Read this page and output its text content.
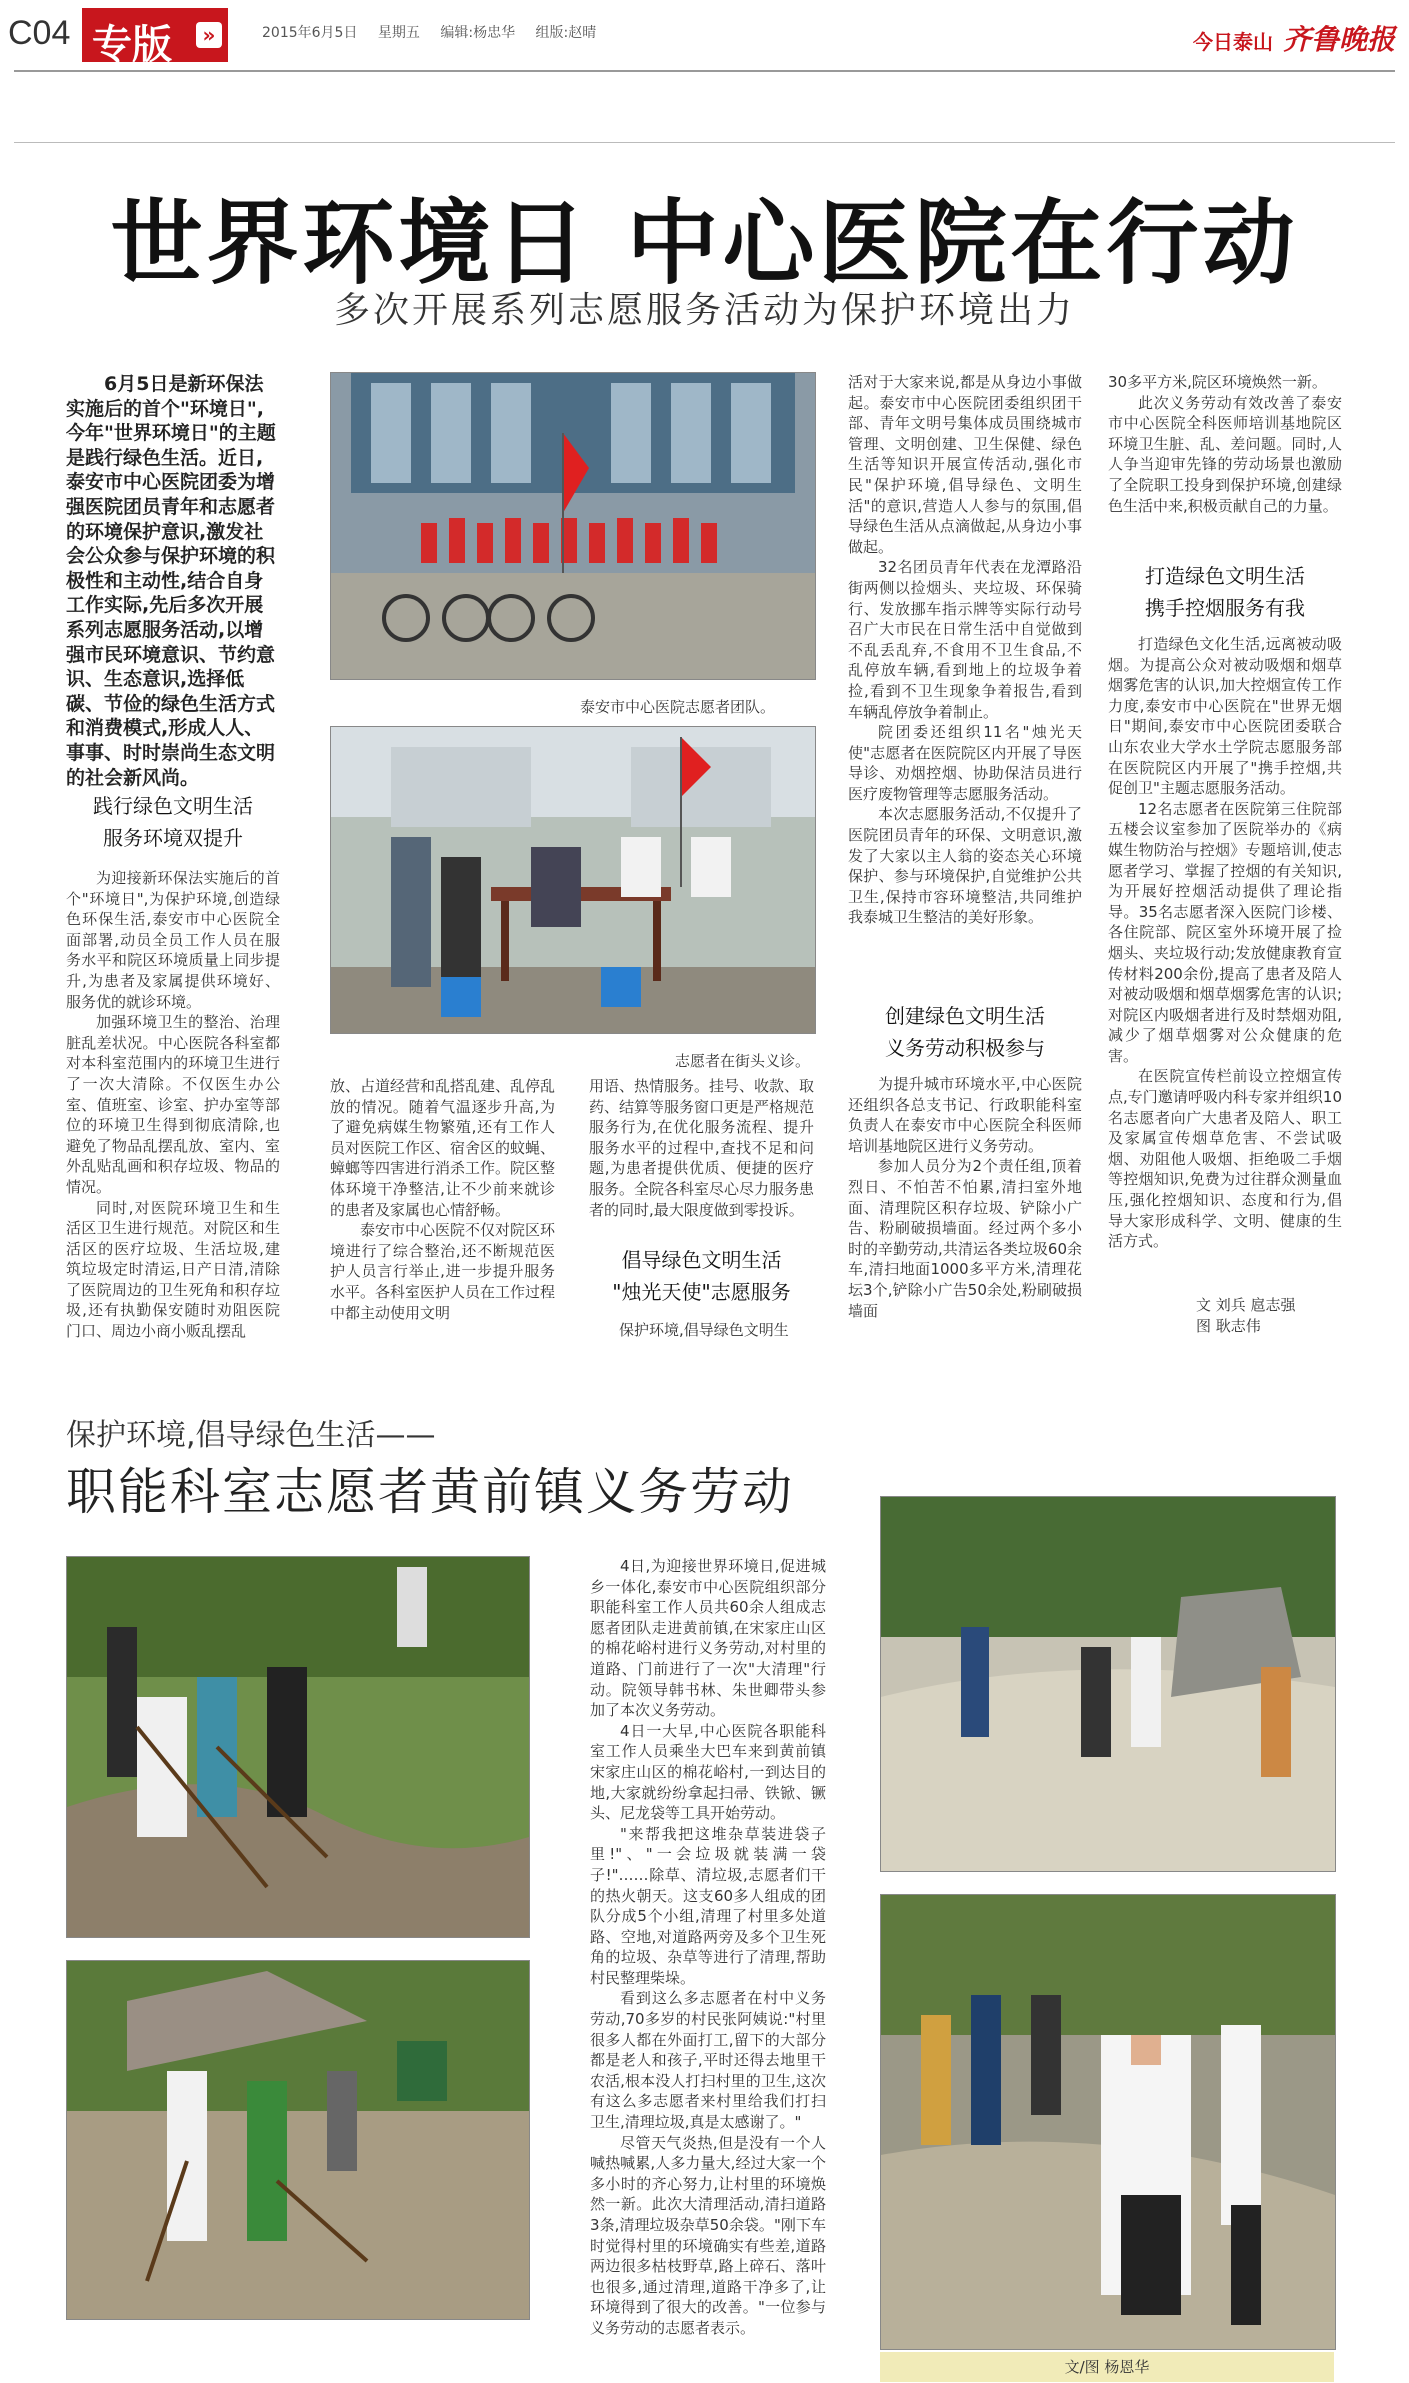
C04 专版	»	2015年6月5日 星期五 编辑:杨忠华 组版:赵晴	今日泰山 齐鲁晚报
世界环境日 中心医院在行动
多次开展系列志愿服务活动为保护环境出力

6月5日是新环保法实施后的首个"环境日",今年"世界环境日"的主题是践行绿色生活。近日,泰安市中心医院团委为增强医院团员青年和志愿者的环境保护意识,激发社会公众参与保护环境的积极性和主动性,结合自身工作实际,先后多次开展系列志愿服务活动,以增强市民环境意识、节约意识、生态意识,选择低碳、节俭的绿色生活方式和消费模式,形成人人、事事、时时崇尚生态文明的社会新风尚。

践行绿色文明生活
服务环境双提升

为迎接新环保法实施后的首个"环境日",为保护环境,创造绿色环保生活,泰安市中心医院全面部署,动员全员工作人员在服务水平和院区环境质量上同步提升,为患者及家属提供环境好、服务优的就诊环境。

加强环境卫生的整治、治理脏乱差状况。中心医院各科室都对本科室范围内的环境卫生进行了一次大清除。不仅医生办公室、值班室、诊室、护办室等部位的环境卫生得到彻底清除,也避免了物品乱摆乱放、室内、室外乱贴乱画和积存垃圾、物品的情况。

同时,对医院环境卫生和生活区卫生进行规范。对院区和生活区的医疗垃圾、生活垃圾,建筑垃圾定时清运,日产日清,清除了医院周边的卫生死角和积存垃圾,还有执勤保安随时劝阻医院门口、周边小商小贩乱摆乱

泰安市中心医院志愿者团队。
志愿者在街头义诊。

放、占道经营和乱搭乱建、乱停乱放的情况。随着气温逐步升高,为了避免病媒生物繁殖,还有工作人员对医院工作区、宿舍区的蚊蝇、蟑螂等四害进行消杀工作。院区整体环境干净整洁,让不少前来就诊的患者及家属也心情舒畅。

泰安市中心医院不仅对院区环境进行了综合整治,还不断规范医护人员言行举止,进一步提升服务水平。各科室医护人员在工作过程中都主动使用文明

用语、热情服务。挂号、收款、取药、结算等服务窗口更是严格规范服务行为,在优化服务流程、提升服务水平的过程中,查找不足和问题,为患者提供优质、便捷的医疗服务。全院各科室尽心尽力服务患者的同时,最大限度做到零投诉。

倡导绿色文明生活
"烛光天使"志愿服务

保护环境,倡导绿色文明生

活对于大家来说,都是从身边小事做起。泰安市中心医院团委组织团干部、青年文明号集体成员围绕城市管理、文明创建、卫生保健、绿色生活等知识开展宣传活动,强化市民"保护环境,倡导绿色、文明生活"的意识,营造人人参与的氛围,倡导绿色生活从点滴做起,从身边小事做起。

32名团员青年代表在龙潭路沿街两侧以捡烟头、夹垃圾、环保骑行、发放挪车指示牌等实际行动号召广大市民在日常生活中自觉做到不乱丢乱弃,不食用不卫生食品,不乱停放车辆,看到地上的垃圾争着捡,看到不卫生现象争着报告,看到车辆乱停放争着制止。

院团委还组织11名"烛光天使"志愿者在医院院区内开展了导医导诊、劝烟控烟、协助保洁员进行医疗废物管理等志愿服务活动。

本次志愿服务活动,不仅提升了医院团员青年的环保、文明意识,激发了大家以主人翁的姿态关心环境保护、参与环境保护,自觉维护公共卫生,保持市容环境整洁,共同维护我泰城卫生整洁的美好形象。

创建绿色文明生活
义务劳动积极参与

为提升城市环境水平,中心医院还组织各总支书记、行政职能科室负责人在泰安市中心医院全科医师培训基地院区进行义务劳动。

参加人员分为2个责任组,顶着烈日、不怕苦不怕累,清扫室外地面、清理院区积存垃圾、铲除小广告、粉刷破损墙面。经过两个多小时的辛勤劳动,共清运各类垃圾60余车,清扫地面1000多平方米,清理花坛3个,铲除小广告50余处,粉刷破损墙面

30多平方米,院区环境焕然一新。

此次义务劳动有效改善了泰安市中心医院全科医师培训基地院区环境卫生脏、乱、差问题。同时,人人争当迎审先锋的劳动场景也激励了全院职工投身到保护环境,创建绿色生活中来,积极贡献自己的力量。

打造绿色文明生活
携手控烟服务有我

打造绿色文化生活,远离被动吸烟。为提高公众对被动吸烟和烟草烟雾危害的认识,加大控烟宣传工作力度,泰安市中心医院在"世界无烟日"期间,泰安市中心医院团委联合山东农业大学水土学院志愿服务部在医院院区内开展了"携手控烟,共促创卫"主题志愿服务活动。

12名志愿者在医院第三住院部五楼会议室参加了医院举办的《病媒生物防治与控烟》专题培训,使志愿者学习、掌握了控烟的有关知识,为开展好控烟活动提供了理论指导。35名志愿者深入医院门诊楼、各住院部、院区室外环境开展了捡烟头、夹垃圾行动;发放健康教育宣传材料200余份,提高了患者及陪人对被动吸烟和烟草烟雾危害的认识;对院区内吸烟者进行及时禁烟劝阻,减少了烟草烟雾对公众健康的危害。

在医院宣传栏前设立控烟宣传点,专门邀请呼吸内科专家并组织10名志愿者向广大患者及陪人、职工及家属宣传烟草危害、不尝试吸烟、劝阻他人吸烟、拒绝吸二手烟等控烟知识,免费为过往群众测量血压,强化控烟知识、态度和行为,倡导大家形成科学、文明、健康的生活方式。

文 刘兵 扈志强
图 耿志伟
保护环境,倡导绿色生活——
职能科室志愿者黄前镇义务劳动

4日,为迎接世界环境日,促进城乡一体化,泰安市中心医院组织部分职能科室工作人员共60余人组成志愿者团队走进黄前镇,在宋家庄山区的棉花峪村进行义务劳动,对村里的道路、门前进行了一次"大清理"行动。院领导韩书林、朱世卿带头参加了本次义务劳动。

4日一大早,中心医院各职能科室工作人员乘坐大巴车来到黄前镇宋家庄山区的棉花峪村,一到达目的地,大家就纷纷拿起扫帚、铁锨、镢头、尼龙袋等工具开始劳动。

"来帮我把这堆杂草装进袋子里!"、"一会垃圾就装满一袋子!"……除草、清垃圾,志愿者们干的热火朝天。这支60多人组成的团队分成5个小组,清理了村里多处道路、空地,对道路两旁及多个卫生死角的垃圾、杂草等进行了清理,帮助村民整理柴垛。

看到这么多志愿者在村中义务劳动,70多岁的村民张阿姨说:"村里很多人都在外面打工,留下的大部分都是老人和孩子,平时还得去地里干农活,根本没人打扫村里的卫生,这次有这么多志愿者来村里给我们打扫卫生,清理垃圾,真是太感谢了。"

尽管天气炎热,但是没有一个人喊热喊累,人多力量大,经过大家一个多小时的齐心努力,让村里的环境焕然一新。此次大清理活动,清扫道路3条,清理垃圾杂草50余袋。"刚下车时觉得村里的环境确实有些差,道路两边很多枯枝野草,路上碎石、落叶也很多,通过清理,道路干净多了,让环境得到了很大的改善。"一位参与义务劳动的志愿者表示。

文/图 杨恩华
